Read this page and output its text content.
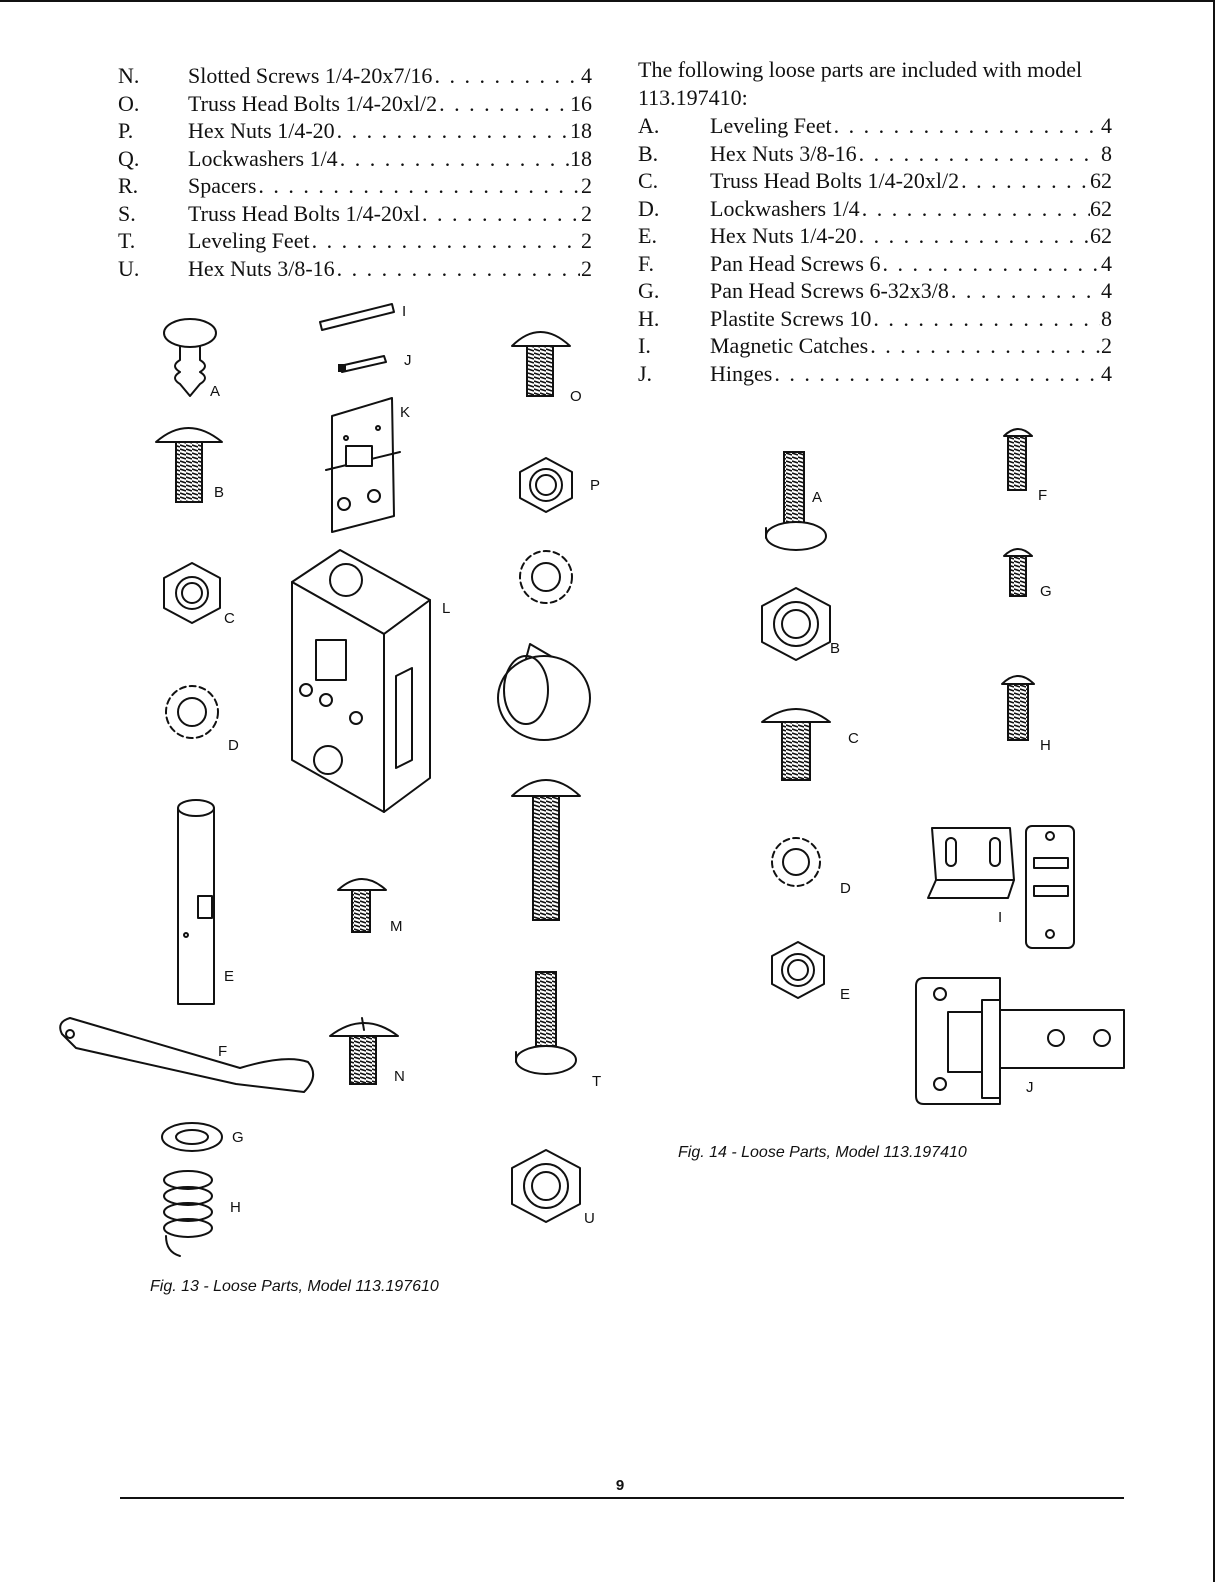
N.	Slotted Screws 1/4-20x7/16 . . .	4
O.	Truss Head Bolts 1/4-20xl/2 . . .	16
P.	Hex Nuts 1/4-20 . . .	18
Q.	Lockwashers 1/4 . . .	18
R.	Spacers . . .	2
S.	Truss Head Bolts 1/4-20xl . . .	2
T.	Leveling Feet . . .	2
U.	Hex Nuts 3/8-16 . . .	2

The following loose parts are included with model 113.197410:

A.	Leveling Feet . . .	4
B.	Hex Nuts 3/8-16 . . .	8
C.	Truss Head Bolts 1/4-20xl/2 . . .	62
D.	Lockwashers 1/4 . . .	62
E.	Hex Nuts 1/4-20 . . .	62
F.	Pan Head Screws 6 . . .	4
G.	Pan Head Screws 6-32x3/8 . . .	4
H.	Plastite Screws 10 . . .	8
I.	Magnetic Catches . . .	2
J.	Hinges . . .	4
A
I
J
O
K
B	P
C
L
D
E
M
T
F
N
G
U
H
A	F
G
B
H
C
I
D
E
J

Fig. 13 - Loose Parts, Model 113.197610

Fig. 14 - Loose Parts, Model 113.197410

9
